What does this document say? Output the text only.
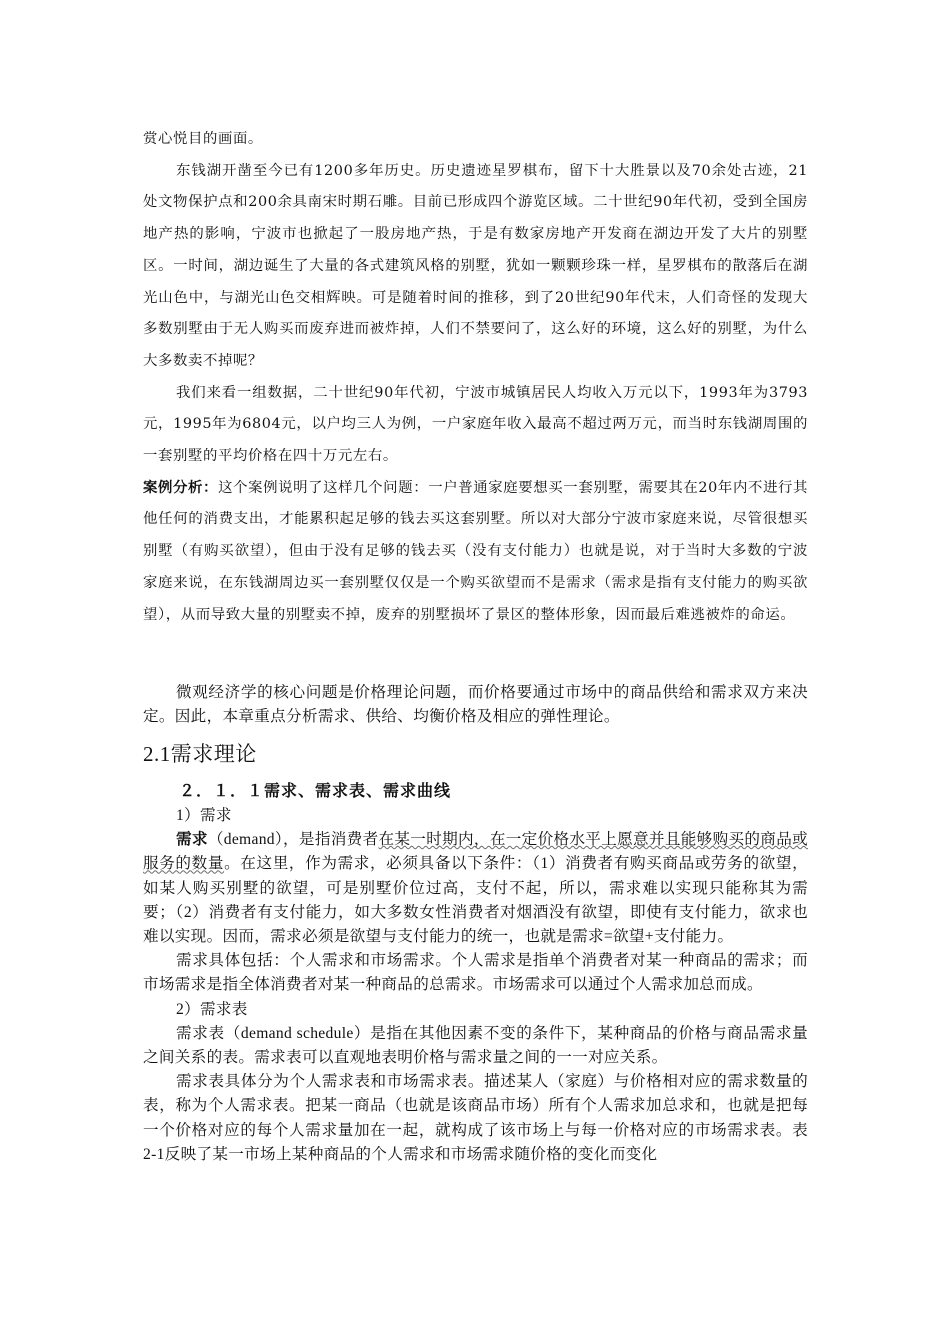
赏心悦目的画面。

东钱湖开凿至今已有1200多年历史。历史遗迹星罗棋布，留下十大胜景以及70余处古迹，21处文物保护点和200余具南宋时期石雕。目前已形成四个游览区域。二十世纪90年代初，受到全国房地产热的影响，宁波市也掀起了一股房地产热，于是有数家房地产开发商在湖边开发了大片的别墅区。一时间，湖边诞生了大量的各式建筑风格的别墅，犹如一颗颗珍珠一样，星罗棋布的散落后在湖光山色中，与湖光山色交相辉映。可是随着时间的推移，到了20世纪90年代末，人们奇怪的发现大多数别墅由于无人购买而废弃进而被炸掉，人们不禁要问了，这么好的环境，这么好的别墅，为什么大多数卖不掉呢？

我们来看一组数据，二十世纪90年代初，宁波市城镇居民人均收入万元以下，1993年为3793元，1995年为6804元，以户均三人为例，一户家庭年收入最高不超过两万元，而当时东钱湖周围的一套别墅的平均价格在四十万元左右。

案例分析：这个案例说明了这样几个问题：一户普通家庭要想买一套别墅，需要其在20年内不进行其他任何的消费支出，才能累积起足够的钱去买这套别墅。所以对大部分宁波市家庭来说，尽管很想买别墅（有购买欲望），但由于没有足够的钱去买（没有支付能力）也就是说，对于当时大多数的宁波家庭来说，在东钱湖周边买一套别墅仅仅是一个购买欲望而不是需求（需求是指有支付能力的购买欲望），从而导致大量的别墅卖不掉，废弃的别墅损坏了景区的整体形象，因而最后难逃被炸的命运。

微观经济学的核心问题是价格理论问题，而价格要通过市场中的商品供给和需求双方来决定。因此，本章重点分析需求、供给、均衡价格及相应的弹性理论。

2.1需求理论
２．１．１需求、需求表、需求曲线

1）需求

需求（demand），是指消费者在某一时期内，在一定价格水平上愿意并且能够购买的商品或服务的数量。在这里，作为需求，必须具备以下条件：（1）消费者有购买商品或劳务的欲望，如某人购买别墅的欲望，可是别墅价位过高，支付不起，所以，需求难以实现只能称其为需要；（2）消费者有支付能力，如大多数女性消费者对烟酒没有欲望，即使有支付能力，欲求也难以实现。因而，需求必须是欲望与支付能力的统一，也就是需求=欲望+支付能力。

需求具体包括：个人需求和市场需求。个人需求是指单个消费者对某一种商品的需求；而市场需求是指全体消费者对某一种商品的总需求。市场需求可以通过个人需求加总而成。

2）需求表

需求表（demand schedule）是指在其他因素不变的条件下，某种商品的价格与商品需求量之间关系的表。需求表可以直观地表明价格与需求量之间的一一对应关系。

需求表具体分为个人需求表和市场需求表。描述某人（家庭）与价格相对应的需求数量的表，称为个人需求表。把某一商品（也就是该商品市场）所有个人需求加总求和，也就是把每一个价格对应的每个人需求量加在一起，就构成了该市场上与每一价格对应的市场需求表。表2-1反映了某一市场上某种商品的个人需求和市场需求随价格的变化而变化
